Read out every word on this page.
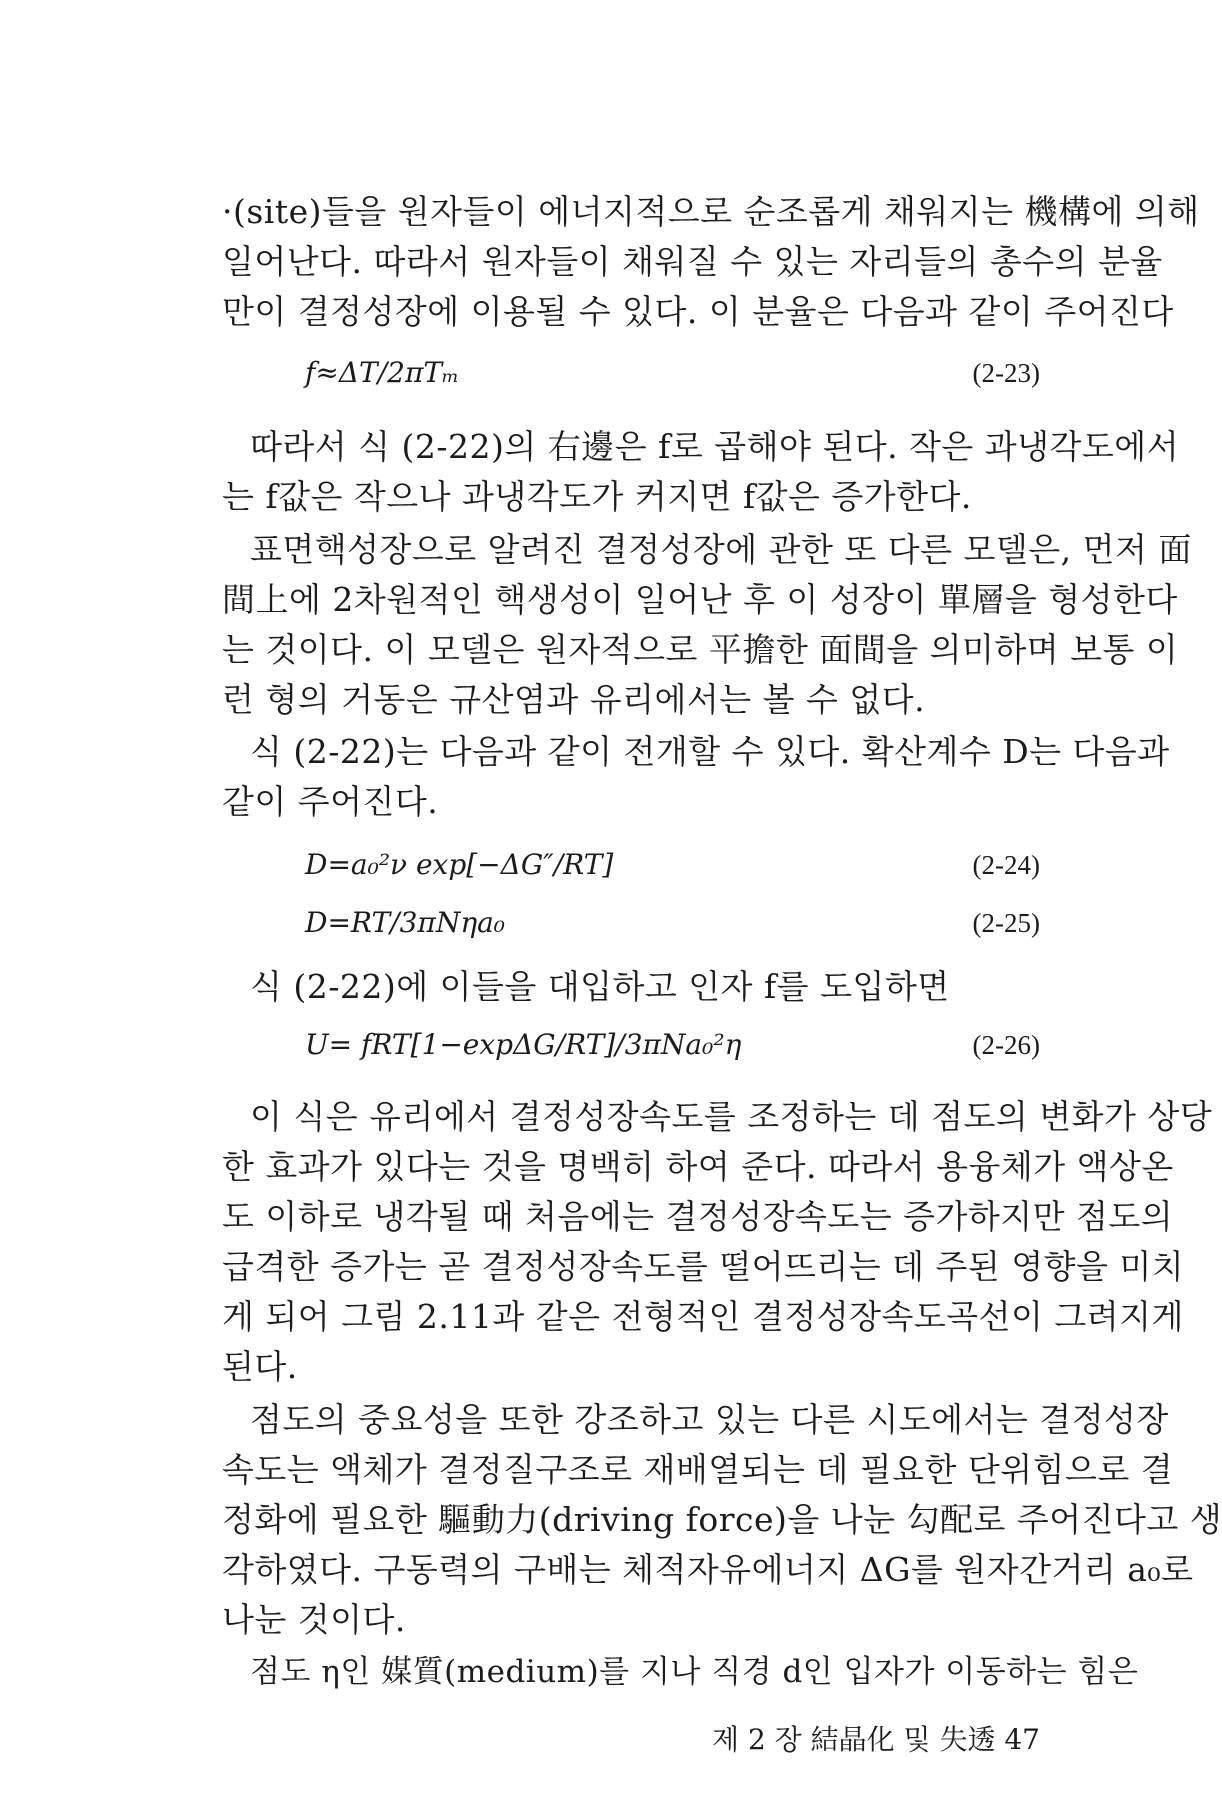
·(site)들을 원자들이 에너지적으로 순조롭게 채워지는 機構에 의해
일어난다. 따라서 원자들이 채워질 수 있는 자리들의 총수의 분율
만이 결정성장에 이용될 수 있다. 이 분율은 다음과 같이 주어진다
f≈ΔT/2πTₘ	(2-23)
따라서 식 (2-22)의 右邊은 f로 곱해야 된다. 작은 과냉각도에서
는 f값은 작으나 과냉각도가 커지면 f값은 증가한다.
표면핵성장으로 알려진 결정성장에 관한 또 다른 모델은, 먼저 面
間上에 2차원적인 핵생성이 일어난 후 이 성장이 單層을 형성한다
는 것이다. 이 모델은 원자적으로 平擔한 面間을 의미하며 보통 이
런 형의 거동은 규산염과 유리에서는 볼 수 없다.
식 (2-22)는 다음과 같이 전개할 수 있다. 확산계수 D는 다음과
같이 주어진다.
D=a₀²ν exp[−ΔG″/RT]	(2-24)
D=RT/3πNηa₀	(2-25)
식 (2-22)에 이들을 대입하고 인자 f를 도입하면
U= fRT[1−expΔG/RT]/3πNa₀²η	(2-26)
이 식은 유리에서 결정성장속도를 조정하는 데 점도의 변화가 상당
한 효과가 있다는 것을 명백히 하여 준다. 따라서 용융체가 액상온
도 이하로 냉각될 때 처음에는 결정성장속도는 증가하지만 점도의
급격한 증가는 곧 결정성장속도를 떨어뜨리는 데 주된 영향을 미치
게 되어 그림 2.11과 같은 전형적인 결정성장속도곡선이 그려지게
된다.
점도의 중요성을 또한 강조하고 있는 다른 시도에서는 결정성장
속도는 액체가 결정질구조로 재배열되는 데 필요한 단위힘으로 결
정화에 필요한 驅動力(driving force)을 나눈 勾配로 주어진다고 생
각하였다. 구동력의 구배는 체적자유에너지 ΔG를 원자간거리 a₀로
나눈 것이다.
점도 η인 媒質(medium)를 지나 직경 d인 입자가 이동하는 힘은
제 2 장 結晶化 및 失透 47
